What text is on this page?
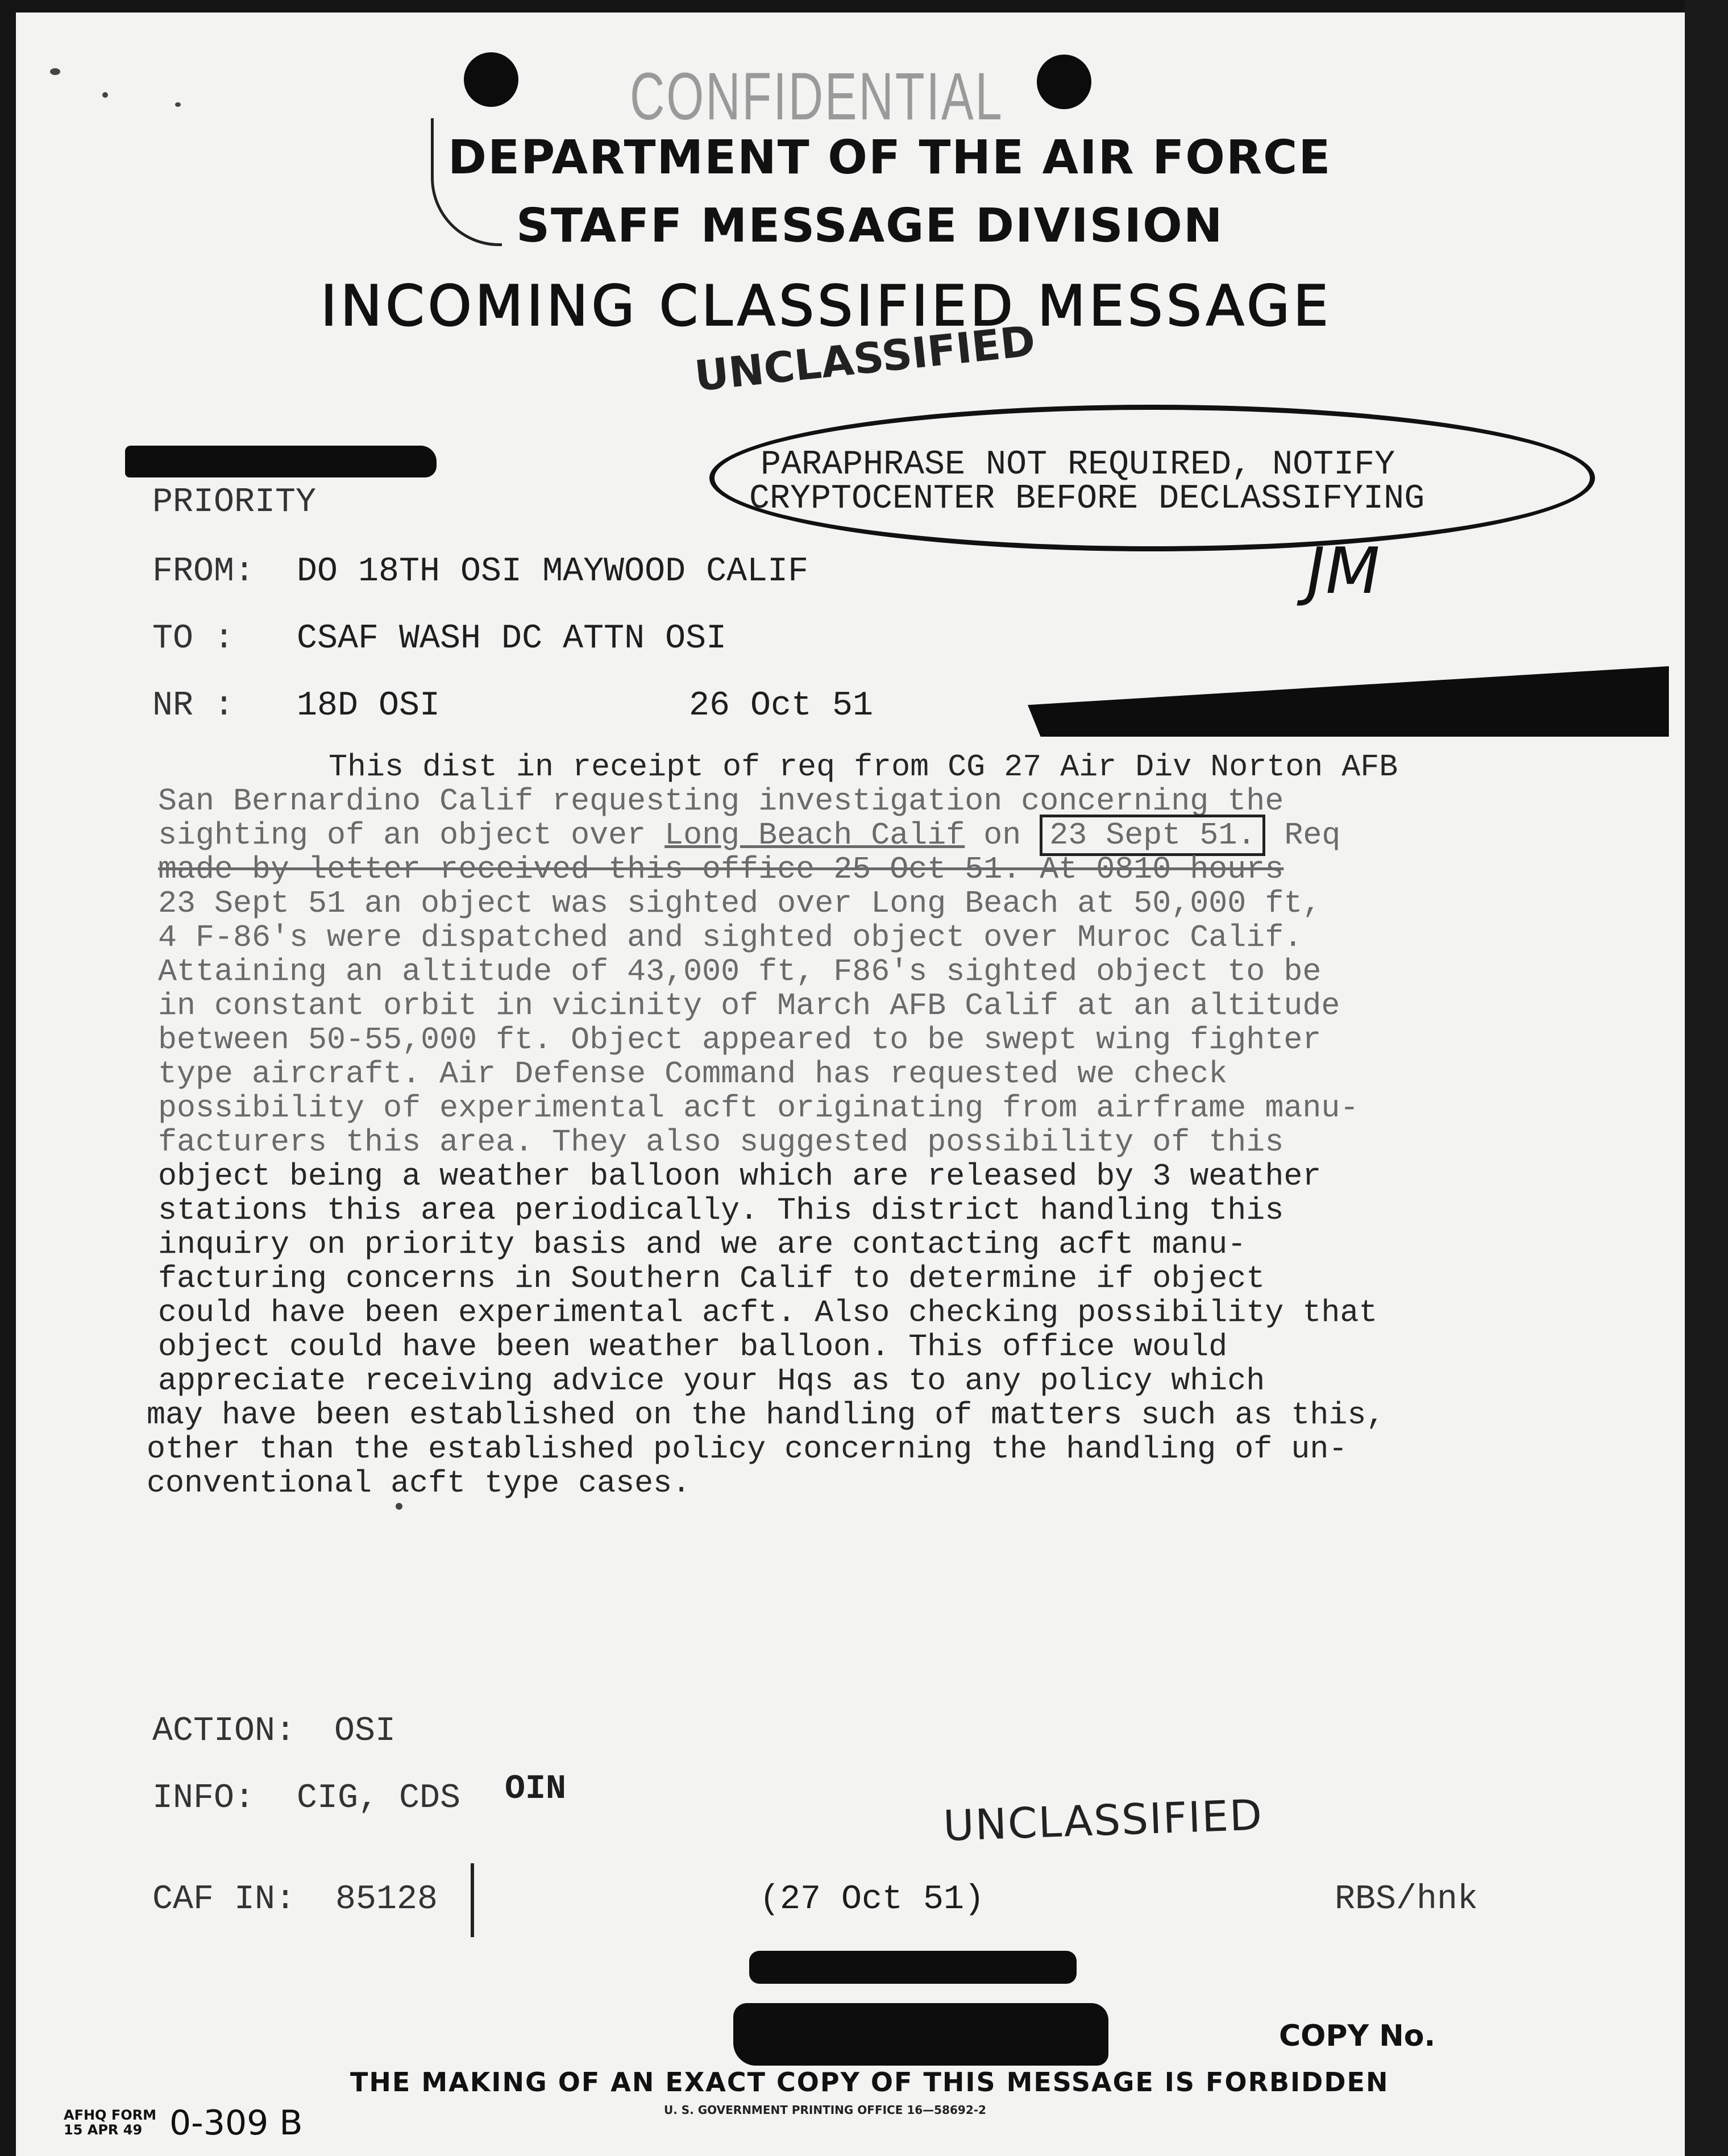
CONFIDENTIAL
DEPARTMENT OF THE AIR FORCE
STAFF MESSAGE DIVISION
INCOMING CLASSIFIED MESSAGE
UNCLASSIFIED
PARAPHRASE NOT REQUIRED, NOTIFY
CRYPTOCENTER BEFORE DECLASSIFYING
JM
PRIORITY
FROM: DO 18TH OSI MAYWOOD CALIF
TO : CSAF WASH DC ATTN OSI
NR : 18D OSI	26 Oct 51
This dist in receipt of req from CG 27 Air Div Norton AFB
San Bernardino Calif requesting investigation concerning the
sighting of an object over Long Beach Calif on 23 Sept 51. Req
made by letter received this office 25 Oct 51. At 0810 hours
23 Sept 51 an object was sighted over Long Beach at 50,000 ft,
4 F-86's were dispatched and sighted object over Muroc Calif.
Attaining an altitude of 43,000 ft, F86's sighted object to be
in constant orbit in vicinity of March AFB Calif at an altitude
between 50-55,000 ft. Object appeared to be swept wing fighter
type aircraft. Air Defense Command has requested we check
possibility of experimental acft originating from airframe manu-
facturers this area. They also suggested possibility of this
object being a weather balloon which are released by 3 weather
stations this area periodically. This district handling this
inquiry on priority basis and we are contacting acft manu-
facturing concerns in Southern Calif to determine if object
could have been experimental acft. Also checking possibility that
object could have been weather balloon. This office would
appreciate receiving advice your Hqs as to any policy which
may have been established on the handling of matters such as this,
other than the established policy concerning the handling of un-
conventional acft type cases.
ACTION: OSI
INFO: CIG, CDS OIN
UNCLASSIFIED
CAF IN: 85128	(27 Oct 51)	RBS/hnk
COPY No.
THE MAKING OF AN EXACT COPY OF THIS MESSAGE IS FORBIDDEN
U. S. GOVERNMENT PRINTING OFFICE 16—58692-2
AFHQ FORM
15 APR 49 0-309 B
